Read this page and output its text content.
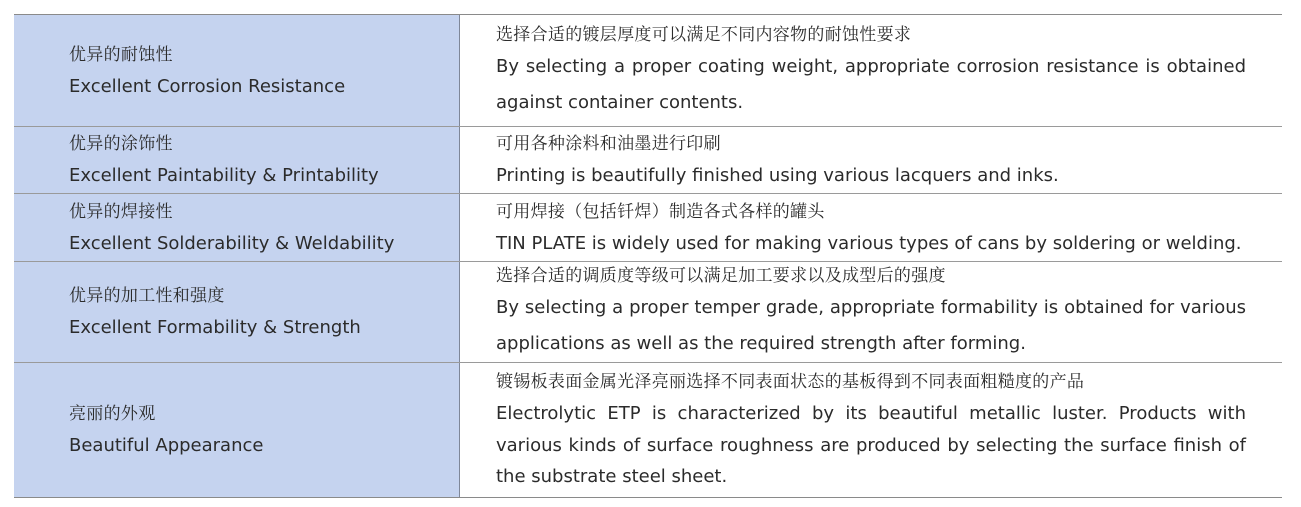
优异的耐蚀性
Excellent Corrosion Resistance
选择合适的镀层厚度可以满足不同内容物的耐蚀性要求
By selecting a proper coating weight, appropriate corrosion resistance is obtained against container contents.
优异的涂饰性
Excellent Paintability & Printability
可用各种涂料和油墨进行印刷
Printing is beautifully finished using various lacquers and inks.
优异的焊接性
Excellent Solderability & Weldability
可用焊接（包括钎焊）制造各式各样的罐头
TIN PLATE is widely used for making various types of cans by soldering or welding.
优异的加工性和强度
Excellent Formability & Strength
选择合适的调质度等级可以满足加工要求以及成型后的强度
By selecting a proper temper grade, appropriate formability is obtained for various applications as well as the required strength after forming.
亮丽的外观
Beautiful Appearance
镀锡板表面金属光泽亮丽选择不同表面状态的基板得到不同表面粗糙度的产品
Electrolytic ETP is characterized by its beautiful metallic luster. Products with various kinds of surface roughness are produced by selecting the surface finish of the substrate steel sheet.
